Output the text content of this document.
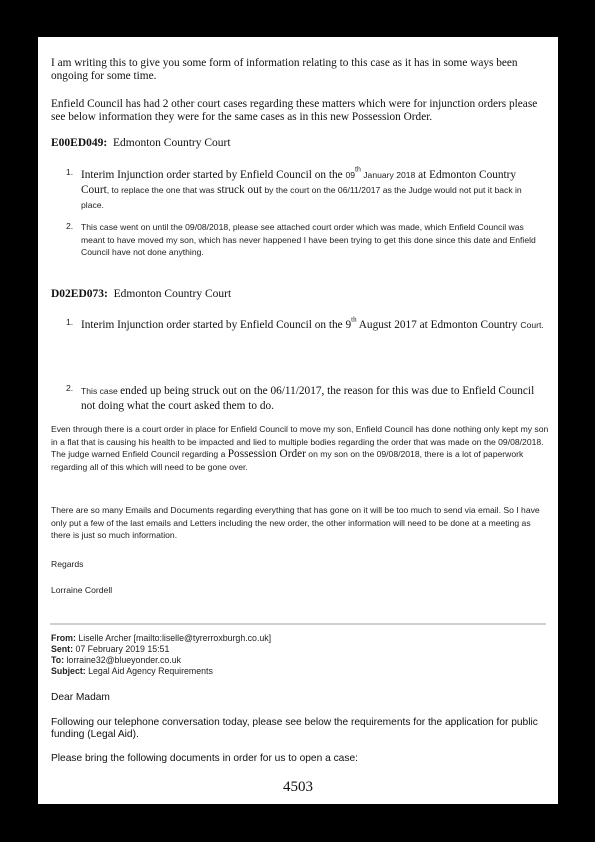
I am writing this to give you some form of information relating to this case as it has in some ways been ongoing for some time.
Enfield Council has had 2 other court cases regarding these matters which were for injunction orders please see below information they were for the same cases as in this new Possession Order.
E00ED049: Edmonton Country Court
1. Interim Injunction order started by Enfield Council on the 09th January 2018 at Edmonton Country Court, to replace the one that was struck out by the court on the 06/11/2017 as the Judge would not put it back in place.
2. This case went on until the 09/08/2018, please see attached court order which was made, which Enfield Council was meant to have moved my son, which has never happened I have been trying to get this done since this date and Enfield Council have not done anything.
D02ED073: Edmonton Country Court
1. Interim Injunction order started by Enfield Council on the 9th August 2017 at Edmonton Country Court.
2. This case ended up being struck out on the 06/11/2017, the reason for this was due to Enfield Council not doing what the court asked them to do.
Even through there is a court order in place for Enfield Council to move my son, Enfield Council has done nothing only kept my son in a flat that is causing his health to be impacted and lied to multiple bodies regarding the order that was made on the 09/08/2018. The judge warned Enfield Council regarding a Possession Order on my son on the 09/08/2018, there is a lot of paperwork regarding all of this which will need to be gone over.
There are so many Emails and Documents regarding everything that has gone on it will be too much to send via email. So I have only put a few of the last emails and Letters including the new order, the other information will need to be done at a meeting as there is just so much information.
Regards
Lorraine Cordell
From: Liselle Archer [mailto:liselle@tyrerroxburgh.co.uk]
Sent: 07 February 2019 15:51
To: lorraine32@blueyonder.co.uk
Subject: Legal Aid Agency Requirements
Dear Madam
Following our telephone conversation today, please see below the requirements for the application for public funding (Legal Aid).
Please bring the following documents in order for us to open a case:
4503
